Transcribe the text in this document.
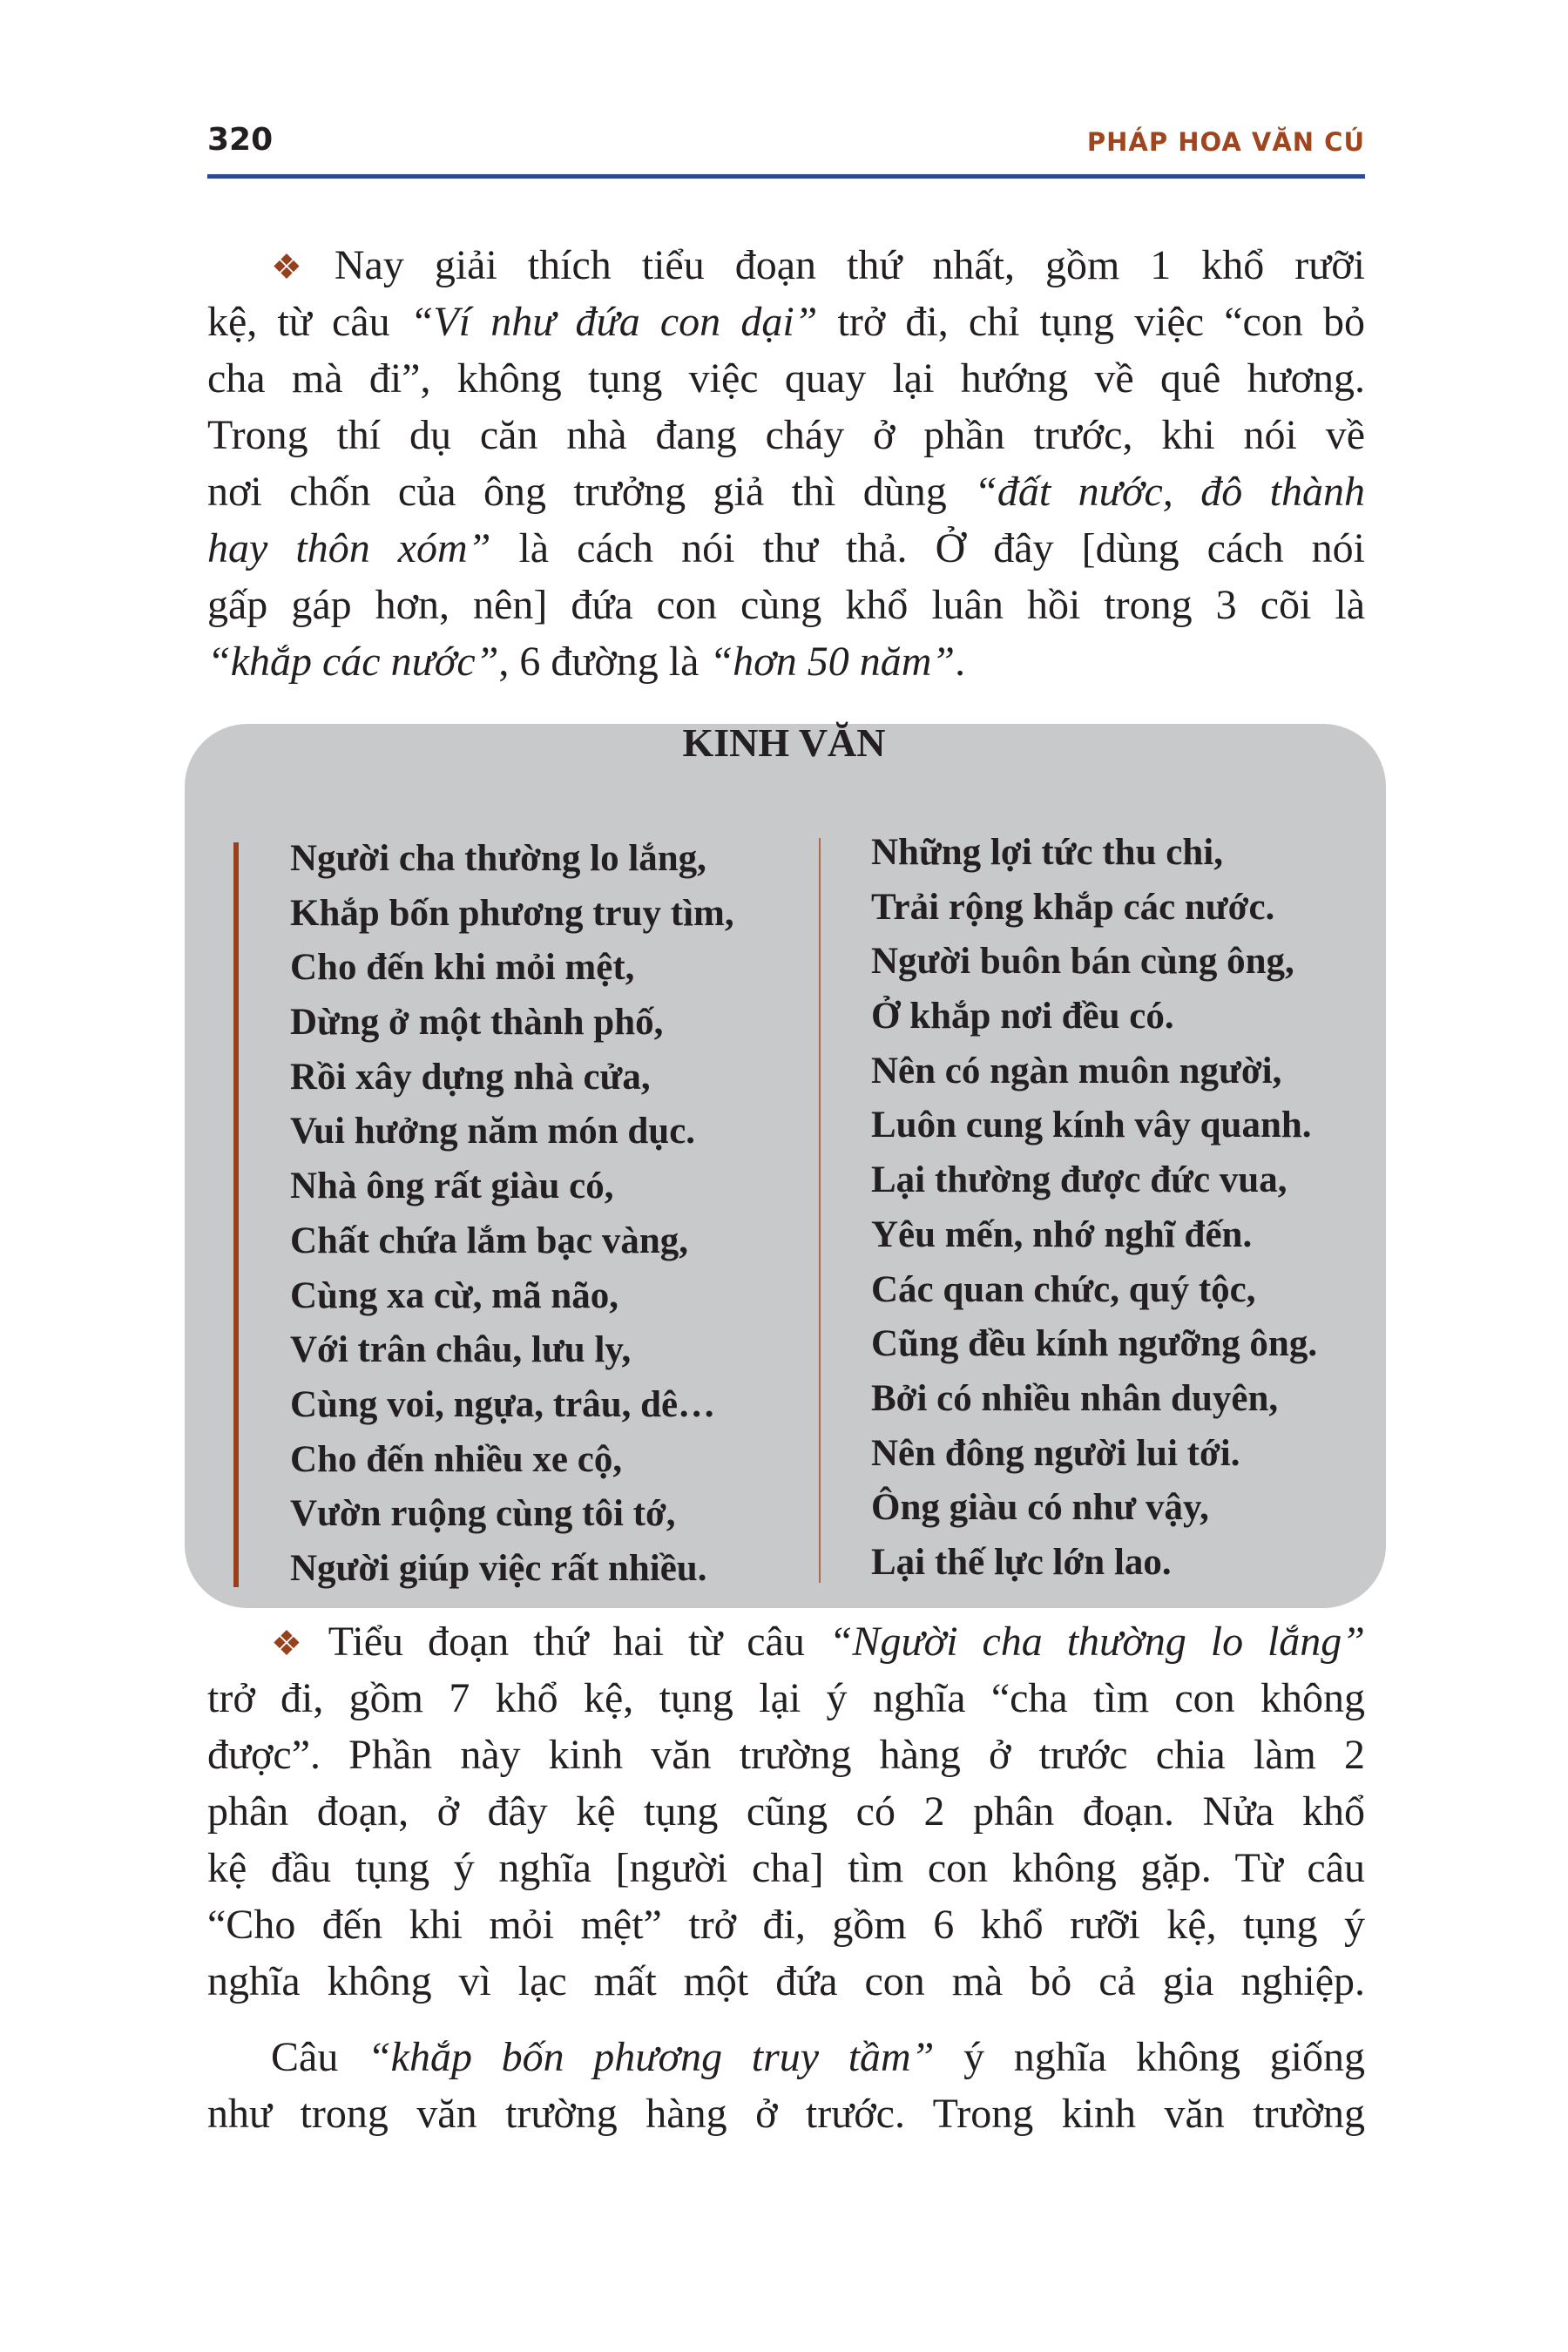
320	PHÁP HOA VĂN CÚ
❖ Nay giải thích tiểu đoạn thứ nhất, gồm 1 khổ rưỡi
kệ, từ câu “Ví như đứa con dại” trở đi, chỉ tụng việc “con bỏ
cha mà đi”, không tụng việc quay lại hướng về quê hương.
Trong thí dụ căn nhà đang cháy ở phần trước, khi nói về
nơi chốn của ông trưởng giả thì dùng “đất nước, đô thành
hay thôn xóm” là cách nói thư thả. Ở đây [dùng cách nói
gấp gáp hơn, nên] đứa con cùng khổ luân hồi trong 3 cõi là
“khắp các nước”, 6 đường là “hơn 50 năm”.
KINH VĂN
Người cha thường lo lắng,
Khắp bốn phương truy tìm,
Cho đến khi mỏi mệt,
Dừng ở một thành phố,
Rồi xây dựng nhà cửa,
Vui hưởng năm món dục.
Nhà ông rất giàu có,
Chất chứa lắm bạc vàng,
Cùng xa cừ, mã não,
Với trân châu, lưu ly,
Cùng voi, ngựa, trâu, dê…
Cho đến nhiều xe cộ,
Vườn ruộng cùng tôi tớ,
Người giúp việc rất nhiều.
Những lợi tức thu chi,
Trải rộng khắp các nước.
Người buôn bán cùng ông,
Ở khắp nơi đều có.
Nên có ngàn muôn người,
Luôn cung kính vây quanh.
Lại thường được đức vua,
Yêu mến, nhớ nghĩ đến.
Các quan chức, quý tộc,
Cũng đều kính ngưỡng ông.
Bởi có nhiều nhân duyên,
Nên đông người lui tới.
Ông giàu có như vậy,
Lại thế lực lớn lao.
❖ Tiểu đoạn thứ hai từ câu “Người cha thường lo lắng”
trở đi, gồm 7 khổ kệ, tụng lại ý nghĩa “cha tìm con không
được”. Phần này kinh văn trường hàng ở trước chia làm 2
phân đoạn, ở đây kệ tụng cũng có 2 phân đoạn. Nửa khổ
kệ đầu tụng ý nghĩa [người cha] tìm con không gặp. Từ câu
“Cho đến khi mỏi mệt” trở đi, gồm 6 khổ rưỡi kệ, tụng ý
nghĩa không vì lạc mất một đứa con mà bỏ cả gia nghiệp.
Câu “khắp bốn phương truy tầm” ý nghĩa không giống
như trong văn trường hàng ở trước. Trong kinh văn trường
